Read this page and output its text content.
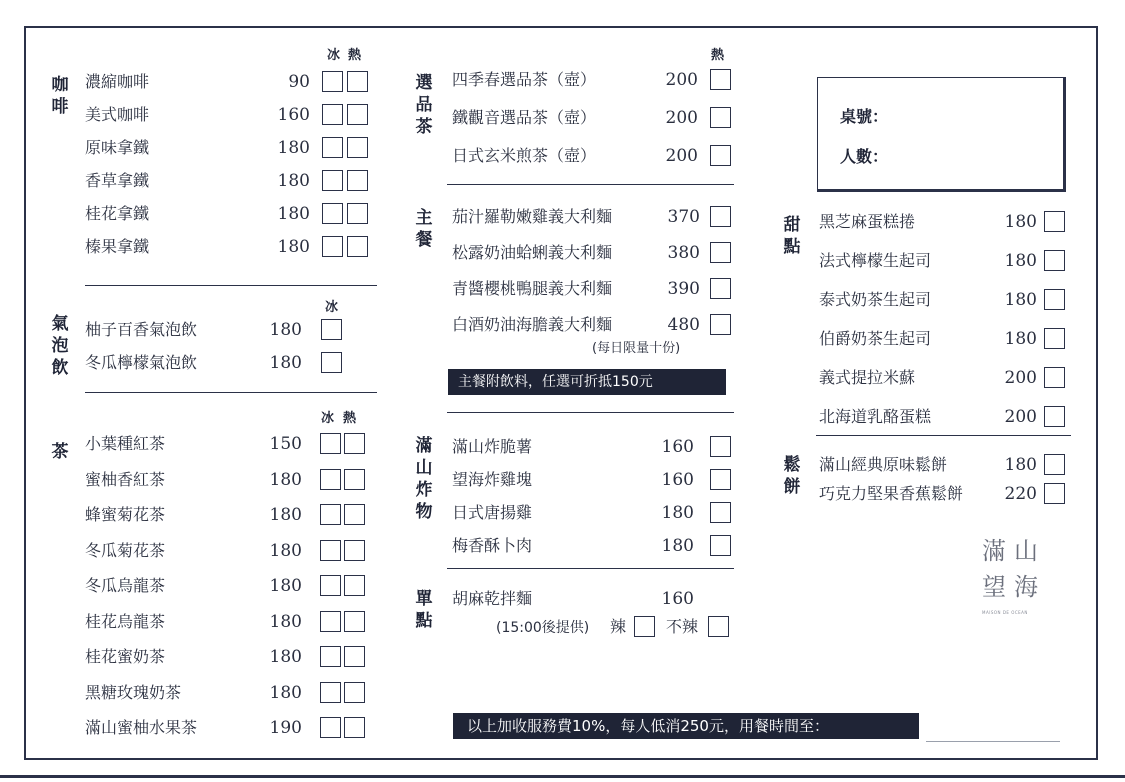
咖
啡
冰 熱
濃縮咖啡	90
美式咖啡	160
原味拿鐵	180
香草拿鐵	180
桂花拿鐵	180
榛果拿鐵	180
氣
泡
飲
冰
柚子百香氣泡飲	180
冬瓜檸檬氣泡飲	180
茶
冰 熱
小葉種紅茶	150
蜜柚香紅茶	180
蜂蜜菊花茶	180
冬瓜菊花茶	180
冬瓜烏龍茶	180
桂花烏龍茶	180
桂花蜜奶茶	180
黑糖玫瑰奶茶	180
滿山蜜柚水果茶	190
選
品
茶
熱
四季春選品茶（壺）	200
鐵觀音選品茶（壺）	200
日式玄米煎茶（壺）	200
主
餐
茄汁羅勒嫩雞義大利麵	370
松露奶油蛤蜊義大利麵	380
青醬櫻桃鴨腿義大利麵	390
白酒奶油海膽義大利麵	480
(每日限量十份)
主餐附飲料，任選可折抵150元
滿
山
炸
物
滿山炸脆薯	160
望海炸雞塊	160
日式唐揚雞	180
梅香酥卜肉	180
單
點
胡麻乾拌麵	160
(15:00後提供) 辣 不辣
桌號：
人數：
甜
點
黑芝麻蛋糕捲	180
法式檸檬生起司	180
泰式奶茶生起司	180
伯爵奶茶生起司	180
義式提拉米蘇	200
北海道乳酪蛋糕	200
鬆
餅
滿山經典原味鬆餅	180
巧克力堅果香蕉鬆餅	220
滿 山
望 海
MAISON DE OCEAN
以上加收服務費10%，每人低消250元，用餐時間至：
